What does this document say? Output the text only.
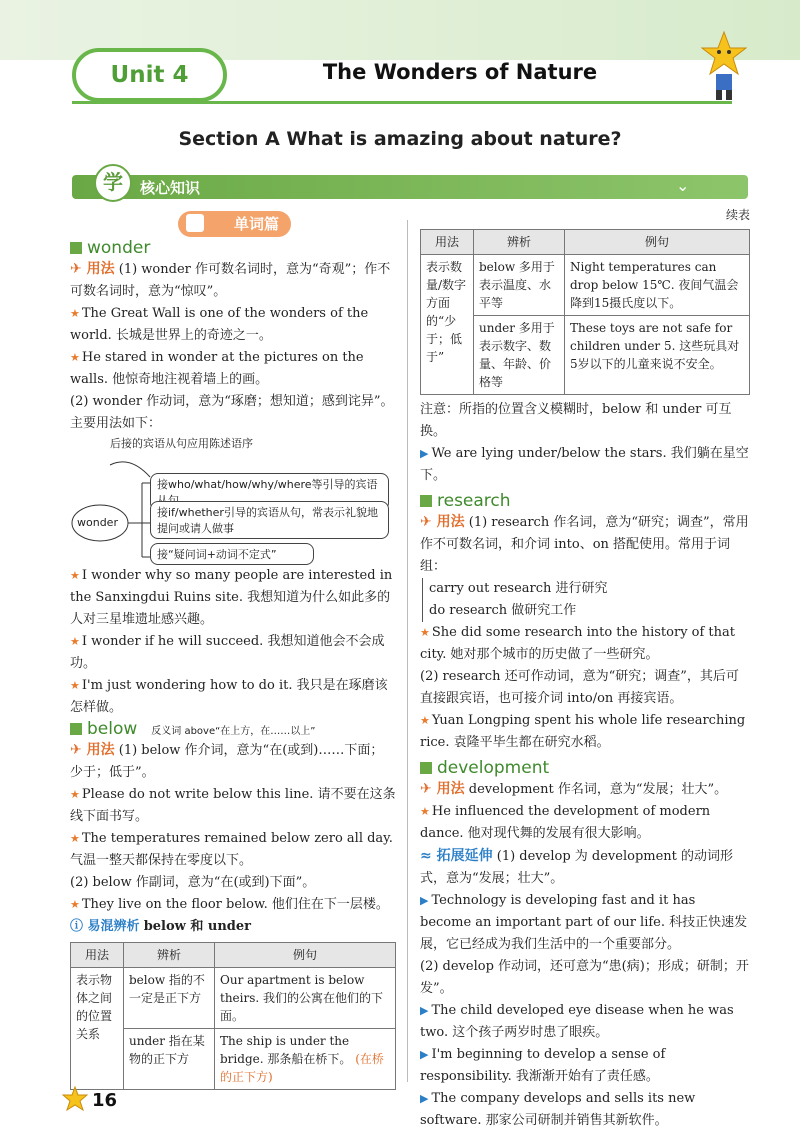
Unit 4	The Wonders of Nature
Section A What is amazing about nature?
学	核心知识	⌄
单词篇
wonder
✈ 用法 (1) wonder 作可数名词时，意为“奇观”；作不可数名词时，意为“惊叹”。
★ The Great Wall is one of the wonders of the world. 长城是世界上的奇迹之一。
★ He stared in wonder at the pictures on the walls. 他惊奇地注视着墙上的画。
(2) wonder 作动词，意为“琢磨；想知道；感到诧异”。主要用法如下：
后接的宾语从句应用陈述语序
wonder
接who/what/how/why/where等引导的宾语
接if/whether引导的宾语从句，常表示礼貌地提问或请人做事
接“疑问词+动词不定式”
★ I wonder why so many people are interested in the Sanxingdui Ruins site. 我想知道为什么如此多的人对三星堆遗址感兴趣。
★ I wonder if he will succeed. 我想知道他会不会成功。
★ I'm just wondering how to do it. 我只是在琢磨该怎样做。
below 反义词 above“在上方，在……以上”
✈ 用法 (1) below 作介词，意为“在(或到)……下面；少于；低于”。
★ Please do not write below this line. 请不要在这条线下面书写。
★ The temperatures remained below zero all day. 气温一整天都保持在零度以下。
(2) below 作副词，意为“在(或到)下面”。
★ They live on the floor below. 他们住在下一层楼。
ⓘ 易混辨析 below 和 under
用法	辨析	例句
表示物体之间的位置关系	below 指的不一定是正下方	Our apartment is below theirs. 我们的公寓在他们的下面。
	under 指在某物的正下方	The ship is under the bridge. 那条船在桥下。 (在桥的正下方)
续表
用法	辨析	例句
表示数量/数字方面的“少于；低于”	below 多用于表示温度、水平等	Night temperatures can drop below 15℃. 夜间气温会降到15摄氏度以下。
	under 多用于表示数字、数量、年龄、价格等	These toys are not safe for children under 5. 这些玩具对5岁以下的儿童来说不安全。
注意：所指的位置含义模糊时，below 和 under 可互换。
▶ We are lying under/below the stars. 我们躺在星空下。
research
✈ 用法 (1) research 作名词，意为“研究；调查”，常用作不可数名词，和介词 into、on 搭配使用。常用于词组：
carry out research 进行研究
do research 做研究工作
★ She did some research into the history of that city. 她对那个城市的历史做了一些研究。
(2) research 还可作动词，意为“研究；调查”，其后可直接跟宾语，也可接介词 into/on 再接宾语。
★ Yuan Longping spent his whole life researching rice. 袁隆平毕生都在研究水稻。
development
✈ 用法 development 作名词，意为“发展；壮大”。
★ He influenced the development of modern dance. 他对现代舞的发展有很大影响。
≈ 拓展延伸 (1) develop 为 development 的动词形式，意为“发展；壮大”。
▶ Technology is developing fast and it has become an important part of our life. 科技正快速发展，它已经成为我们生活中的一个重要部分。
(2) develop 作动词，还可意为“患(病)；形成；研制；开发”。
▶ The child developed eye disease when he was two. 这个孩子两岁时患了眼疾。
▶ I'm beginning to develop a sense of responsibility. 我渐渐开始有了责任感。
▶ The company develops and sells its new software. 那家公司研制并销售其新软件。
16
